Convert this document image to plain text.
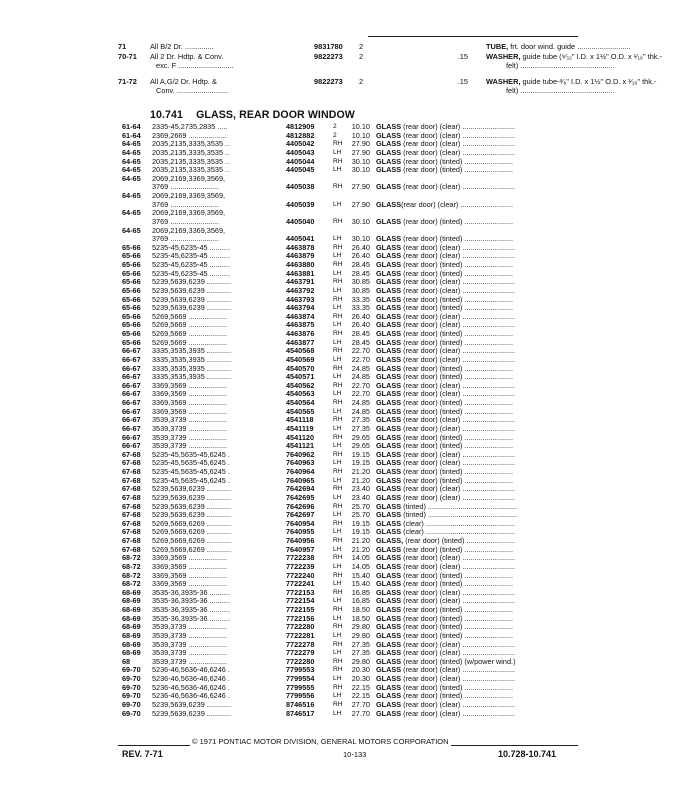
71	All B/2 Dr. ..............	9831780	2	TUBE, frt. door wind. guide ..........................

70-71	All 2 Dr. Hdtp. & Conv.
exc. F ...........................
9822273	2	.15 WASHER, guide tube (⁹⁄₃₂" I.D. x 1½" O.D. x ¹⁄₁₆" thk.-
felt) ..............................................
71-72	All A,G/2 Dr. Hdtp. &
Conv. .........................
9822273	2	.15 WASHER, guide tube-³⁄₈" I.D. x 1½" O.D. x ¹⁄₁₆" thk.-
felt) ..............................................
10.741 GLASS, REAR DOOR WINDOW
61-64	2335-45,2735,2835 .....	4812909	2	10.10 GLASS (rear door) (clear) ..........................
61-64	2369,2669 ...................	4812882	2	10.10 GLASS (rear door) (clear) ..........................
64-65	2035,2135,3335,3535 ..	4405042	RH	27.90 GLASS (rear door) (clear) ..........................
64-65	2035,2135,3335,3535 ..	4405043	LH	27.90 GLASS (rear door) (clear) ..........................
64-65	2035,2135,3335,3535 ..	4405044	RH	30.10 GLASS (rear door) (tinted) ........................
64-65	2035,2135,3335,3535 ..	4405045	LH	30.10 GLASS (rear door) (tinted) ........................
64-65	2069,2169,3369,3569,
3769 ........................	4405038	RH	27.90 GLASS (rear door) (clear) ..........................
64-65	2069,2169,3369,3569,
3769 ........................	4405039	LH	27.90 GLASS(rear door) (clear) ..........................
64-65	2069,2169,3369,3569,
3769 ........................	4405040	RH	30.10 GLASS (rear door) (tinted) ........................
64-65	2069,2169,3369,3569,
3769 ........................	4405041	LH	30.10 GLASS (rear door) (tinted) ........................
65-66	5235-45,6235-45 ..........	4463878	RH	26.40 GLASS (rear door) (clear) ..........................
65-66	5235-45,6235-45 ..........	4463879	LH	26.40 GLASS (rear door) (clear) ..........................
65-66	5235-45,6235-45 ..........	4463880	RH	28.45 GLASS (rear door) (tinted) ........................
65-66	5235-45,6235-45 ..........	4463881	LH	28.45 GLASS (rear door) (tinted) ........................
65-66	5239,5639,6239 ............	4463791	RH	30.85 GLASS (rear door) (clear) ..........................
65-66	5239,5639,6239 ............	4463792	LH	30.85 GLASS (rear door) (clear) ..........................
65-66	5239,5639,6239 ............	4463793	RH	33.35 GLASS (rear door) (tinted) ........................
65-66	5239,5639,6239 ............	4463794	LH	33.35 GLASS (rear door) (tinted) ........................
65-66	5269,5669 ...................	4463874	RH	26.40 GLASS (rear door) (clear) ..........................
65-66	5269,5669 ...................	4463875	LH	26.40 GLASS (rear door) (clear) ..........................
65-66	5269,5669 ...................	4463876	RH	28.45 GLASS (rear door) (tinted) ........................
65-66	5269,5669 ...................	4463877	LH	28.45 GLASS (rear door) (tinted) ........................
66-67	3335,3535,3935 ............	4540568	RH	22.70 GLASS (rear door) (clear) ..........................
66-67	3335,3535,3935 ............	4540569	LH	22.70 GLASS (rear door) (clear) ..........................
66-67	3335,3535,3935 ............	4540570	RH	24.85 GLASS (rear door) (tinted) ........................
66-67	3335,3535,3935 ............	4540571	LH	24.85 GLASS (rear door) (tinted) ........................
66-67	3369,3569 ...................	4540562	RH	22.70 GLASS (rear door) (clear) ..........................
66-67	3369,3569 ...................	4540563	LH	22.70 GLASS (rear door) (clear) ..........................
66-67	3369,3569 ...................	4540564	RH	24.85 GLASS (rear door) (tinted) ........................
66-67	3369,3569 ...................	4540565	LH	24.85 GLASS (rear door) (tinted) ........................
66-67	3539,3739 ...................	4541118	RH	27.35 GLASS (rear door) (clear) ..........................
66-67	3539,3739 ...................	4541119	LH	27.35 GLASS (rear door) (clear) ..........................
66-67	3539,3739 ...................	4541120	RH	29.65 GLASS (rear door) (tinted) ........................
66-67	3539,3739 ...................	4541121	LH	29.65 GLASS (rear door) (tinted) ........................
67-68	5235-45,5635-45,6245 .	7640962	RH	19.15 GLASS (rear door) (clear) ..........................
67-68	5235-45,5635-45,6245 .	7640963	LH	19.15 GLASS (rear door) (clear) ..........................
67-68	5235-45,5635-45,6245 .	7640964	RH	21.20 GLASS (rear door) (tinted) ........................
67-68	5235-45,5635-45,6245 .	7640965	LH	21.20 GLASS (rear door) (tinted) ........................
67-68	5239,5639,6239 ............	7642694	RH	23.40 GLASS (rear door) (clear) ..........................
67-68	5239,5639,6239 ............	7642695	LH	23.40 GLASS (rear door) (clear) ..........................
67-68	5239,5639,6239 ............	7642696	RH	25.70 GLASS (tinted) ............................................
67-68	5239,5639,6239 ............	7642697	LH	25.70 GLASS (tinted) ............................................
67-68	5269,5669,6269 ............	7640954	RH	19.15 GLASS (clear) ............................................
67-68	5269,5669,6269 ............	7640955	LH	19.15 GLASS (clear) ............................................
67-68	5269,5669,6269 ............	7640956	RH	21.20 GLASS, (rear door) (tinted) ........................
67-68	5269,5669,6269 ............	7640957	LH	21.20 GLASS (rear door) (tinted) ........................
68-72	3369,3569 ...................	7722238	RH	14.05 GLASS (rear door) (clear) ..........................
68-72	3369,3569 ...................	7722239	LH	14.05 GLASS (rear door) (clear) ..........................
68-72	3369,3569 ...................	7722240	RH	15.40 GLASS (rear door) (tinted) ........................
68-72	3369,3569 ...................	7722241	LH	15.40 GLASS (rear door) (tinted) ........................
68-69	3535-36,3935-36 ..........	7722153	RH	16.85 GLASS (rear door) (clear) ..........................
68-69	3535-36,3935-36 ..........	7722154	LH	16.85 GLASS (rear door) (clear) ..........................
68-69	3535-36,3935-36 ..........	7722155	RH	18.50 GLASS (rear door) (tinted) ........................
68-69	3535-36,3935-36 ..........	7722156	LH	18.50 GLASS (rear door) (tinted) ........................
68-69	3539,3739 ...................	7722280	RH	29.80 GLASS (rear door) (tinted) ........................
68-69	3539,3739 ...................	7722281	LH	29.80 GLASS (rear door) (tinted) ........................
68-69	3539,3739 ...................	7722278	RH	27.35 GLASS (rear door) (clear) ..........................
68-69	3539,3739 ...................	7722279	LH	27.35 GLASS (rear door) (clear) ..........................
68	3539,3739 ...................	7722280	RH	29.80 GLASS (rear door) (tinted) (w/power wind.)
69-70	5236-46,5636-46,6246 .	7799553	RH	20.30 GLASS (rear door) (clear) ..........................
69-70	5236-46,5636-46,6246 .	7799554	LH	20.30 GLASS (rear door) (clear) ..........................
69-70	5236-46,5636-46,6246 .	7799555	RH	22.15 GLASS (rear door) (tinted) ........................
69-70	5236-46,5636-46,6246 .	7799556	LH	22.15 GLASS (rear door) (tinted) ........................
69-70	5239,5639,6239 ............	8746516	RH	27.70 GLASS (rear door) (clear) ..........................
69-70	5239,5639,6239 ............	8746517	LH	27.70 GLASS (rear door) (clear) ..........................
© 1971 PONTIAC MOTOR DIVISION, GENERAL MOTORS CORPORATION
REV. 7-71	10-133	10.728-10.741
